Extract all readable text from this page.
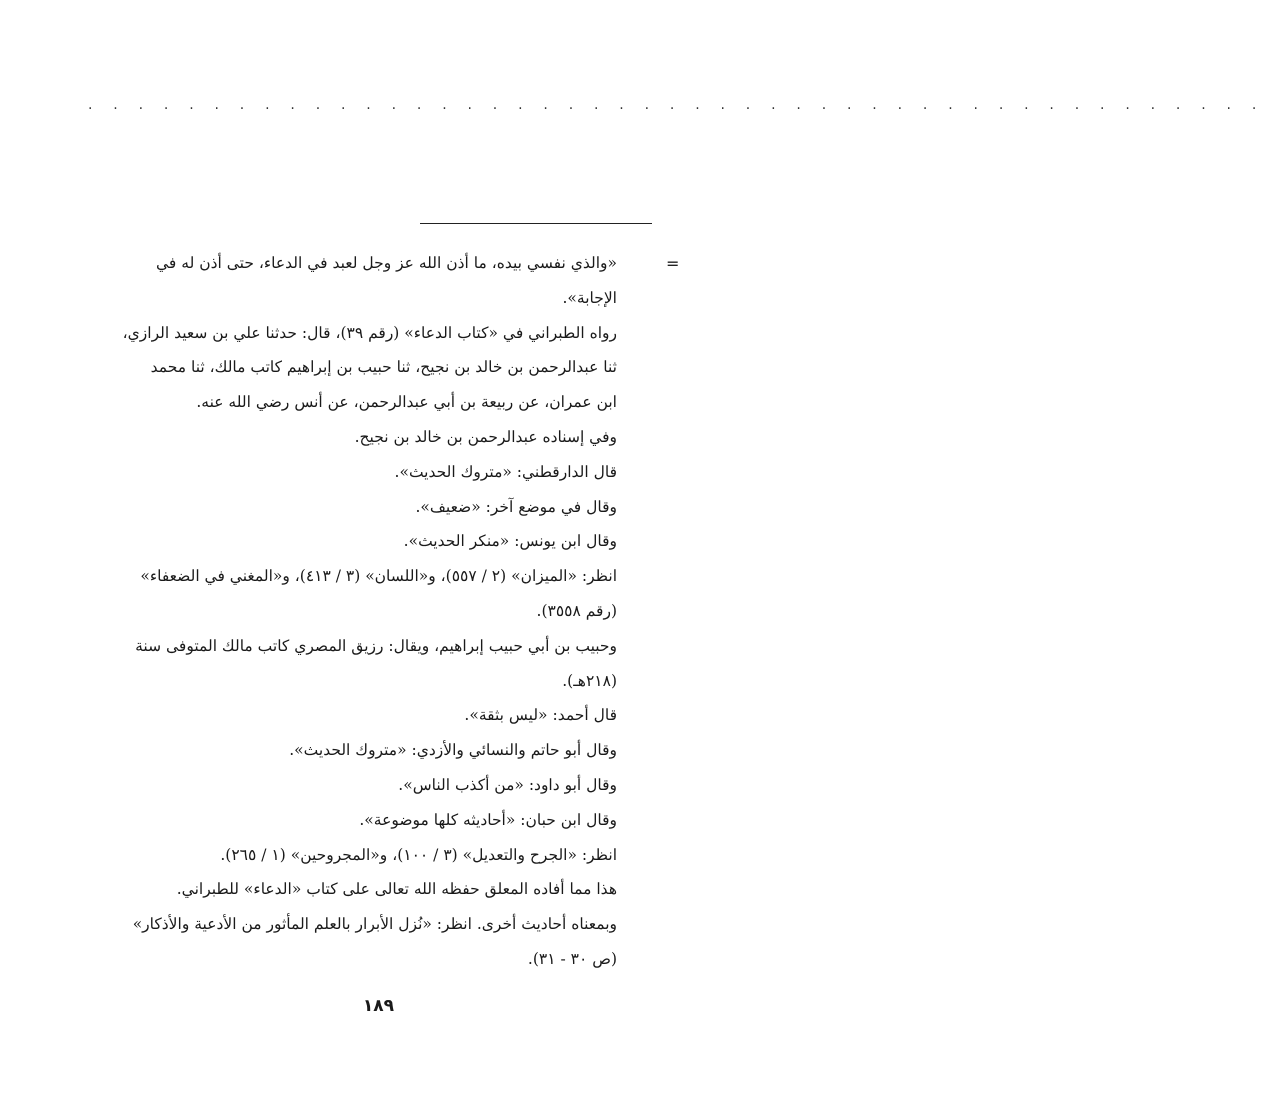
. . . . . . . . . . . . . . . . . . . . . . . . . . . . . . . . . . . . . . . . . . . . . . .
=
«والذي نفسي بيده، ما أذن الله عز وجل لعبد في الدعاء، حتى أذن له في
الإجابة».
رواه الطبراني في «كتاب الدعاء» (رقم ٣٩)، قال: حدثنا علي بن سعيد الرازي،
ثنا عبدالرحمن بن خالد بن نجيح، ثنا حبيب بن إبراهيم كاتب مالك، ثنا محمد
ابن عمران، عن ربيعة بن أبي عبدالرحمن، عن أنس رضي الله عنه.
وفي إسناده عبدالرحمن بن خالد بن نجيح.
قال الدارقطني: «متروك الحديث».
وقال في موضع آخر: «ضعيف».
وقال ابن يونس: «منكر الحديث».
انظر: «الميزان» (٢ / ٥٥٧)، و«اللسان» (٣ / ٤١٣)، و«المغني في الضعفاء»
(رقم ٣٥٥٨).
وحبيب بن أبي حبيب إبراهيم، ويقال: رزيق المصري كاتب مالك المتوفى سنة
(٢١٨هـ).
قال أحمد: «ليس بثقة».
وقال أبو حاتم والنسائي والأزدي: «متروك الحديث».
وقال أبو داود: «من أكذب الناس».
وقال ابن حبان: «أحاديثه كلها موضوعة».
انظر: «الجرح والتعديل» (٣ / ١٠٠)، و«المجروحين» (١ / ٢٦٥).
هذا مما أفاده المعلق حفظه الله تعالى على كتاب «الدعاء» للطبراني.
وبمعناه أحاديث أخرى. انظر: «نُزل الأبرار بالعلم المأثور من الأدعية والأذكار»
(ص ٣٠ - ٣١).
١٨٩
